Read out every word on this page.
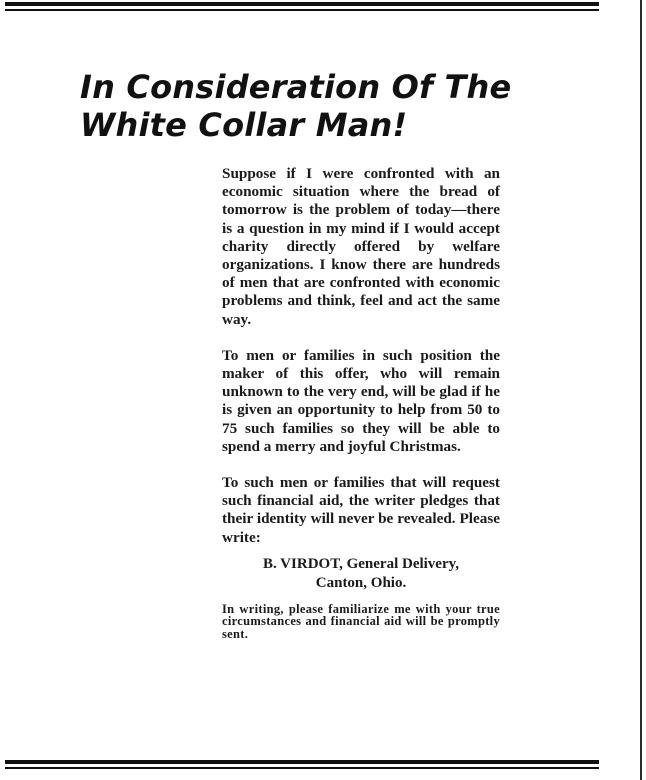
In Consideration Of The
White Collar Man!

Suppose if I were confronted with an economic situation where the bread of tomorrow is the problem of today—there is a question in my mind if I would accept charity directly offered by welfare organizations. I know there are hundreds of men that are confronted with economic problems and think, feel and act the same way.

To men or families in such position the maker of this offer, who will remain unknown to the very end, will be glad if he is given an opportunity to help from 50 to 75 such families so they will be able to spend a merry and joyful Christmas.

To such men or families that will request such financial aid, the writer pledges that their identity will never be revealed. Please write:

B. VIRDOT, General Delivery,

Canton, Ohio.

In writing, please familiarize me with your true circumstances and financial aid will be promptly sent.
